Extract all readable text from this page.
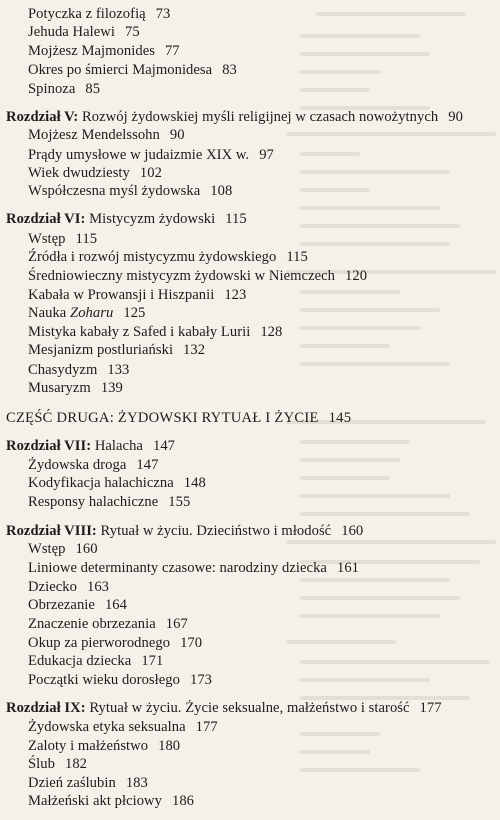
Potyczka z filozofią 73
Jehuda Halewi 75
Mojżesz Majmonides 77
Okres po śmierci Majmonidesa 83
Spinoza 85
Rozdział V: Rozwój żydowskiej myśli religijnej w czasach nowożytnych 90
Mojżesz Mendelssohn 90
Prądy umysłowe w judaizmie XIX w. 97
Wiek dwudziesty 102
Współczesna myśl żydowska 108
Rozdział VI: Mistycyzm żydowski 115
Wstęp 115
Źródła i rozwój mistycyzmu żydowskiego 115
Średniowieczny mistycyzm żydowski w Niemczech 120
Kabała w Prowansji i Hiszpanii 123
Nauka Zoharu 125
Mistyka kabały z Safed i kabały Lurii 128
Mesjanizm postluriański 132
Chasydyzm 133
Musaryzm 139
CZĘŚĆ DRUGA: ŻYDOWSKI RYTUAŁ I ŻYCIE 145
Rozdział VII: Halacha 147
Żydowska droga 147
Kodyfikacja halachiczna 148
Responsy halachiczne 155
Rozdział VIII: Rytuał w życiu. Dzieciństwo i młodość 160
Wstęp 160
Liniowe determinanty czasowe: narodziny dziecka 161
Dziecko 163
Obrzezanie 164
Znaczenie obrzezania 167
Okup za pierworodnego 170
Edukacja dziecka 171
Początki wieku dorosłego 173
Rozdział IX: Rytuał w życiu. Życie seksualne, małżeństwo i starość 177
Żydowska etyka seksualna 177
Zaloty i małżeństwo 180
Ślub 182
Dzień zaślubin 183
Małżeński akt płciowy 186
